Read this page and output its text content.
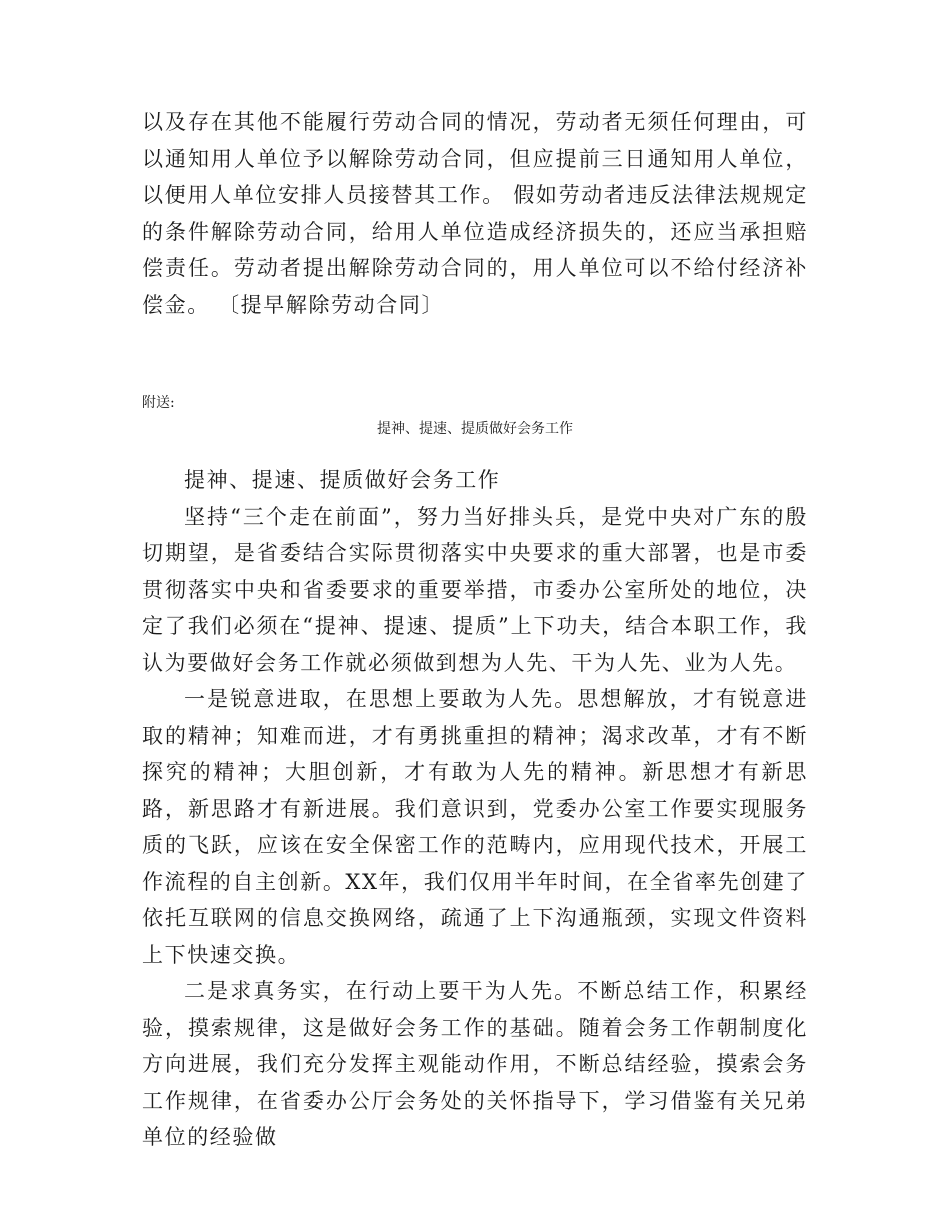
以及存在其他不能履行劳动合同的情况，劳动者无须任何理由，可以通知用人单位予以解除劳动合同，但应提前三日通知用人单位，以便用人单位安排人员接替其工作。 假如劳动者违反法律法规规定的条件解除劳动合同，给用人单位造成经济损失的，还应当承担赔偿责任。劳动者提出解除劳动合同的，用人单位可以不给付经济补偿金。 〔提早解除劳动合同〕

附送:

提神、提速、提质做好会务工作

提神、提速、提质做好会务工作

坚持“三个走在前面”，努力当好排头兵，是党中央对广东的殷切期望，是省委结合实际贯彻落实中央要求的重大部署，也是市委贯彻落实中央和省委要求的重要举措，市委办公室所处的地位，决定了我们必须在“提神、提速、提质”上下功夫，结合本职工作，我认为要做好会务工作就必须做到想为人先、干为人先、业为人先。

一是锐意进取，在思想上要敢为人先。思想解放，才有锐意进取的精神；知难而进，才有勇挑重担的精神；渴求改革，才有不断探究的精神；大胆创新，才有敢为人先的精神。新思想才有新思路，新思路才有新进展。我们意识到，党委办公室工作要实现服务质的飞跃，应该在安全保密工作的范畴内，应用现代技术，开展工作流程的自主创新。XX年，我们仅用半年时间，在全省率先创建了依托互联网的信息交换网络，疏通了上下沟通瓶颈，实现文件资料上下快速交换。

二是求真务实，在行动上要干为人先。不断总结工作，积累经验，摸索规律，这是做好会务工作的基础。随着会务工作朝制度化方向进展，我们充分发挥主观能动作用，不断总结经验，摸索会务工作规律，在省委办公厅会务处的关怀指导下，学习借鉴有关兄弟单位的经验做
